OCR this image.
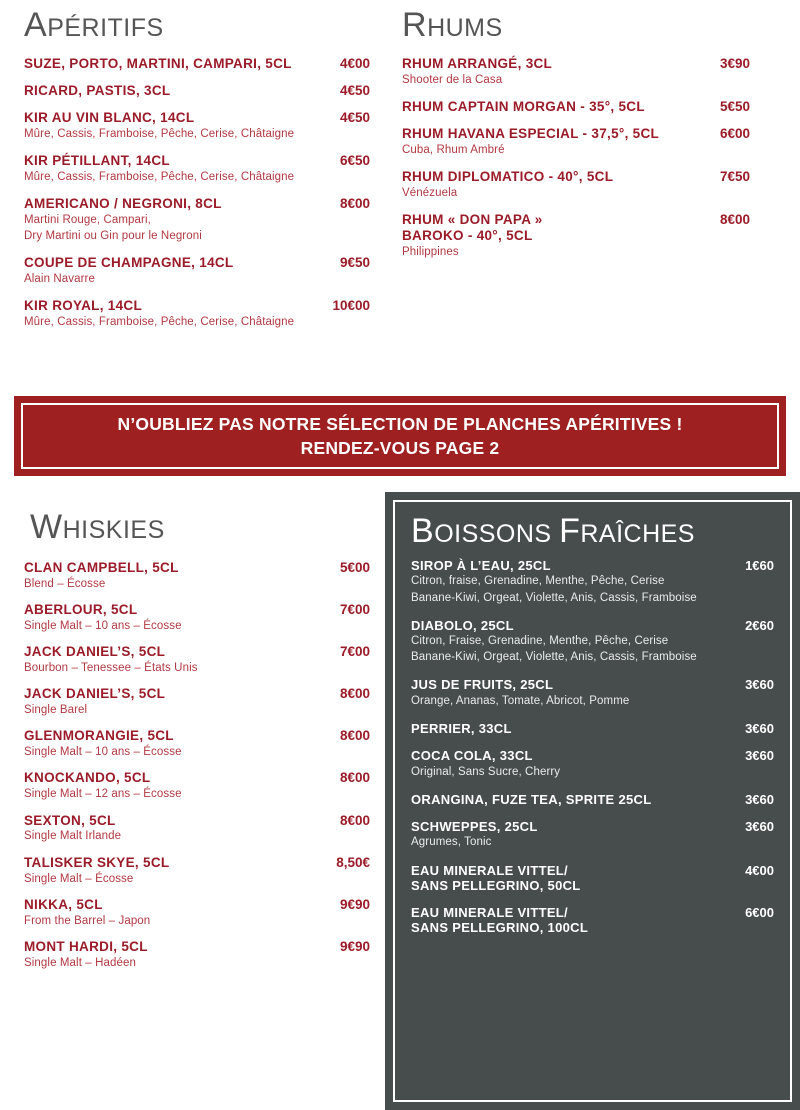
APÉRITIFS
SUZE, PORTO, MARTINI, CAMPARI, 5CL	4€00
RICARD, PASTIS, 3CL	4€50
KIR AU VIN BLANC, 14CL	4€50
Mûre, Cassis, Framboise, Pêche, Cerise, Châtaigne
KIR PÉTILLANT, 14CL	6€50
Mûre, Cassis, Framboise, Pêche, Cerise, Châtaigne
AMERICANO / NEGRONI, 8CL	8€00
Martini Rouge, Campari,
Dry Martini ou Gin pour le Negroni
COUPE DE CHAMPAGNE, 14CL	9€50
Alain Navarre
KIR ROYAL, 14CL	10€00
Mûre, Cassis, Framboise, Pêche, Cerise, Châtaigne
RHUMS
RHUM ARRANGÉ, 3CL	3€90
Shooter de la Casa
RHUM CAPTAIN MORGAN - 35°, 5CL	5€50
RHUM HAVANA ESPECIAL - 37,5°, 5CL	6€00
Cuba, Rhum Ambré
RHUM DIPLOMATICO - 40°, 5CL	7€50
Vénézuela
RHUM « DON PAPA »
BAROKO - 40°, 5CL
8€00
Philippines
N’OUBLIEZ PAS NOTRE SÉLECTION DE PLANCHES APÉRITIVES !
RENDEZ-VOUS PAGE 2
WHISKIES
CLAN CAMPBELL, 5CL	5€00
Blend – Écosse
ABERLOUR, 5CL	7€00
Single Malt – 10 ans – Écosse
JACK DANIEL’S, 5CL	7€00
Bourbon – Tenessee – États Unis
JACK DANIEL’S, 5CL	8€00
Single Barel
GLENMORANGIE, 5CL	8€00
Single Malt – 10 ans – Écosse
KNOCKANDO, 5CL	8€00
Single Malt – 12 ans – Écosse
SEXTON, 5CL	8€00
Single Malt Irlande
TALISKER SKYE, 5CL	8,50€
Single Malt – Écosse
NIKKA, 5CL	9€90
From the Barrel – Japon
MONT HARDI, 5CL	9€90
Single Malt – Hadéen
BOISSONS FRAÎCHES
SIROP À L’EAU, 25CL	1€60
Citron, fraise, Grenadine, Menthe, Pêche, Cerise
Banane-Kiwi, Orgeat, Violette, Anis, Cassis, Framboise
DIABOLO, 25CL	2€60
Citron, Fraise, Grenadine, Menthe, Pêche, Cerise
Banane-Kiwi, Orgeat, Violette, Anis, Cassis, Framboise
JUS DE FRUITS, 25CL	3€60
Orange, Ananas, Tomate, Abricot, Pomme
PERRIER, 33CL	3€60
COCA COLA, 33CL	3€60
Original, Sans Sucre, Cherry
ORANGINA, FUZE TEA, SPRITE 25CL	3€60
SCHWEPPES, 25CL	3€60
Agrumes, Tonic
EAU MINERALE VITTEL/
SANS PELLEGRINO, 50CL
4€00
EAU MINERALE VITTEL/
SANS PELLEGRINO, 100CL
6€00
